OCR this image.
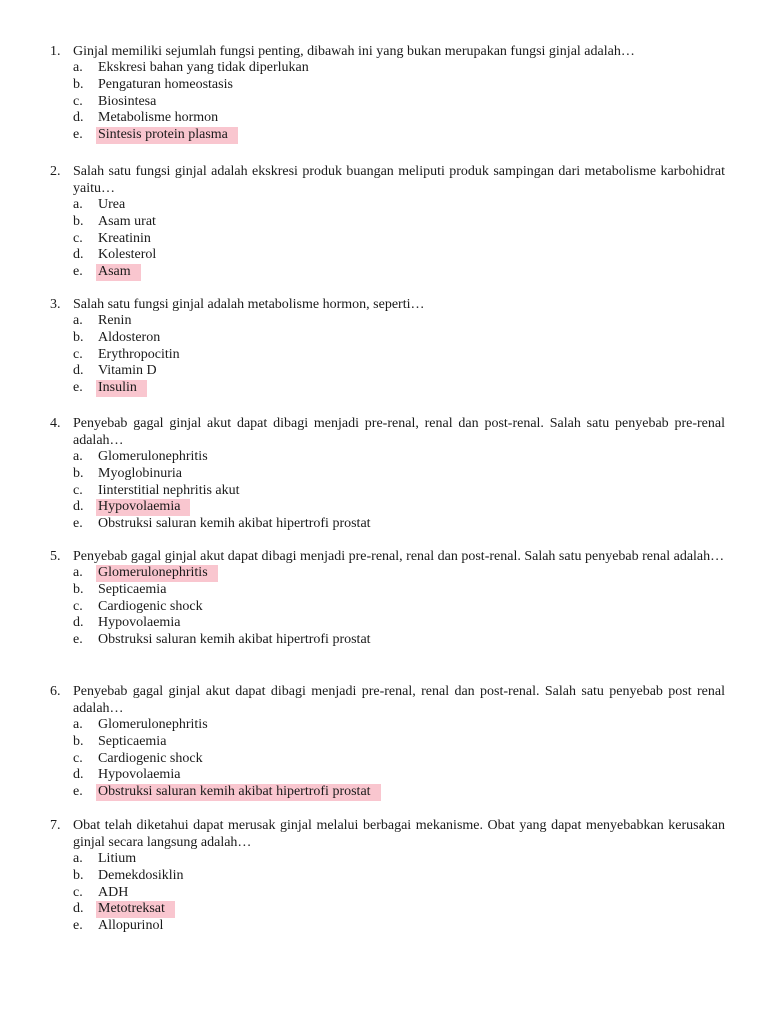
1. Ginjal memiliki sejumlah fungsi penting, dibawah ini yang bukan merupakan fungsi ginjal adalah…
a. Ekskresi bahan yang tidak diperlukan
b. Pengaturan homeostasis
c. Biosintesa
d. Metabolisme hormon
e. Sintesis protein plasma
2. Salah satu fungsi ginjal adalah ekskresi produk buangan meliputi produk sampingan dari metabolisme karbohidrat yaitu…
a. Urea
b. Asam urat
c. Kreatinin
d. Kolesterol
e. Asam
3. Salah satu fungsi ginjal adalah metabolisme hormon, seperti…
a. Renin
b. Aldosteron
c. Erythropocitin
d. Vitamin D
e. Insulin
4. Penyebab gagal ginjal akut dapat dibagi menjadi pre-renal, renal dan post-renal. Salah satu penyebab pre-renal adalah…
a. Glomerulonephritis
b. Myoglobinuria
c. Iinterstitial nephritis akut
d. Hypovolaemia
e. Obstruksi saluran kemih akibat hipertrofi prostat
5. Penyebab gagal ginjal akut dapat dibagi menjadi pre-renal, renal dan post-renal. Salah satu penyebab renal adalah…
a. Glomerulonephritis
b. Septicaemia
c. Cardiogenic shock
d. Hypovolaemia
e. Obstruksi saluran kemih akibat hipertrofi prostat
6. Penyebab gagal ginjal akut dapat dibagi menjadi pre-renal, renal dan post-renal. Salah satu penyebab post renal adalah…
a. Glomerulonephritis
b. Septicaemia
c. Cardiogenic shock
d. Hypovolaemia
e. Obstruksi saluran kemih akibat hipertrofi prostat
7. Obat telah diketahui dapat merusak ginjal melalui berbagai mekanisme. Obat yang dapat menyebabkan kerusakan ginjal secara langsung adalah…
a. Litium
b. Demekdosiklin
c. ADH
d. Metotreksat
e. Allopurinol
